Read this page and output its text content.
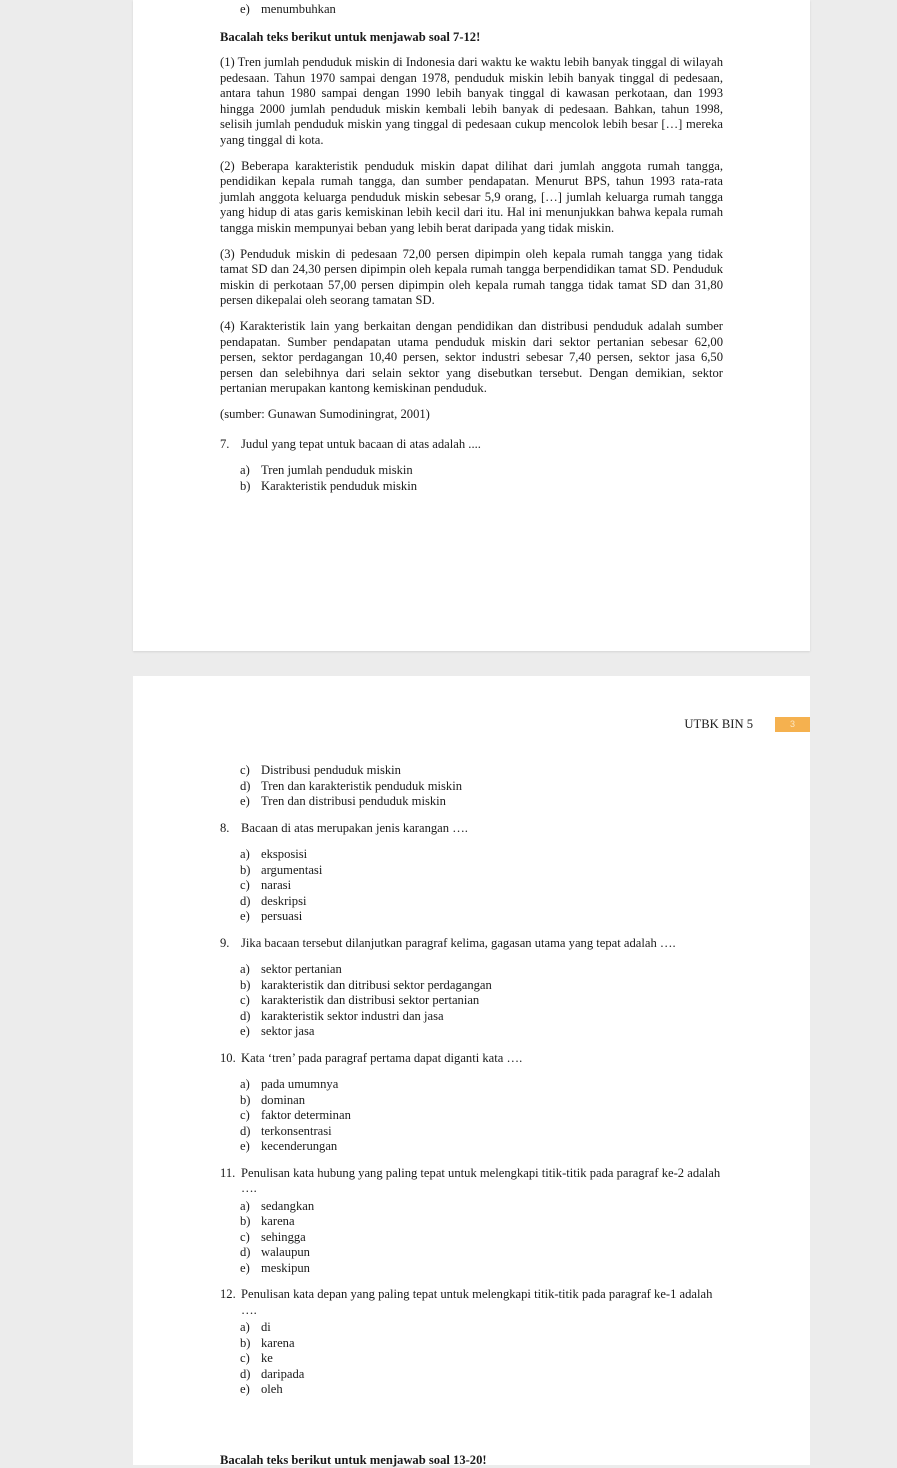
e) menumbuhkan

Bacalah teks berikut untuk menjawab soal 7-12!

(1) Tren jumlah penduduk miskin di Indonesia dari waktu ke waktu lebih banyak tinggal di wilayah pedesaan. Tahun 1970 sampai dengan 1978, penduduk miskin lebih banyak tinggal di pedesaan, antara tahun 1980 sampai dengan 1990 lebih banyak tinggal di kawasan perkotaan, dan 1993 hingga 2000 jumlah penduduk miskin kembali lebih banyak di pedesaan. Bahkan, tahun 1998, selisih jumlah penduduk miskin yang tinggal di pedesaan cukup mencolok lebih besar […] mereka yang tinggal di kota.

(2) Beberapa karakteristik penduduk miskin dapat dilihat dari jumlah anggota rumah tangga, pendidikan kepala rumah tangga, dan sumber pendapatan. Menurut BPS, tahun 1993 rata-rata jumlah anggota keluarga penduduk miskin sebesar 5,9 orang, […] jumlah keluarga rumah tangga yang hidup di atas garis kemiskinan lebih kecil dari itu. Hal ini menunjukkan bahwa kepala rumah tangga miskin mempunyai beban yang lebih berat daripada yang tidak miskin.

(3) Penduduk miskin di pedesaan 72,00 persen dipimpin oleh kepala rumah tangga yang tidak tamat SD dan 24,30 persen dipimpin oleh kepala rumah tangga berpendidikan tamat SD. Penduduk miskin di perkotaan 57,00 persen dipimpin oleh kepala rumah tangga tidak tamat SD dan 31,80 persen dikepalai oleh seorang tamatan SD.

(4) Karakteristik lain yang berkaitan dengan pendidikan dan distribusi penduduk adalah sumber pendapatan. Sumber pendapatan utama penduduk miskin dari sektor pertanian sebesar 62,00 persen, sektor perdagangan 10,40 persen, sektor industri sebesar 7,40 persen, sektor jasa 6,50 persen dan selebihnya dari selain sektor yang disebutkan tersebut. Dengan demikian, sektor pertanian merupakan kantong kemiskinan penduduk.

(sumber: Gunawan Sumodiningrat, 2001)

7. Judul yang tepat untuk bacaan di atas adalah ....
a) Tren jumlah penduduk miskin
b) Karakteristik penduduk miskin
UTBK BIN 5	3
c) Distribusi penduduk miskin
d) Tren dan karakteristik penduduk miskin
e) Tren dan distribusi penduduk miskin
8. Bacaan di atas merupakan jenis karangan ….
a) eksposisi
b) argumentasi
c) narasi
d) deskripsi
e) persuasi
9. Jika bacaan tersebut dilanjutkan paragraf kelima, gagasan utama yang tepat adalah ….
a) sektor pertanian
b) karakteristik dan ditribusi sektor perdagangan
c) karakteristik dan distribusi sektor pertanian
d) karakteristik sektor industri dan jasa
e) sektor jasa
10. Kata ‘tren’ pada paragraf pertama dapat diganti kata ….
a) pada umumnya
b) dominan
c) faktor determinan
d) terkonsentrasi
e) kecenderungan
11. Penulisan kata hubung yang paling tepat untuk melengkapi titik-titik pada paragraf ke-2 adalah ….
a) sedangkan
b) karena
c) sehingga
d) walaupun
e) meskipun
12. Penulisan kata depan yang paling tepat untuk melengkapi titik-titik pada paragraf ke-1 adalah ….
a) di
b) karena
c) ke
d) daripada
e) oleh
Bacalah teks berikut untuk menjawab soal 13-20!
